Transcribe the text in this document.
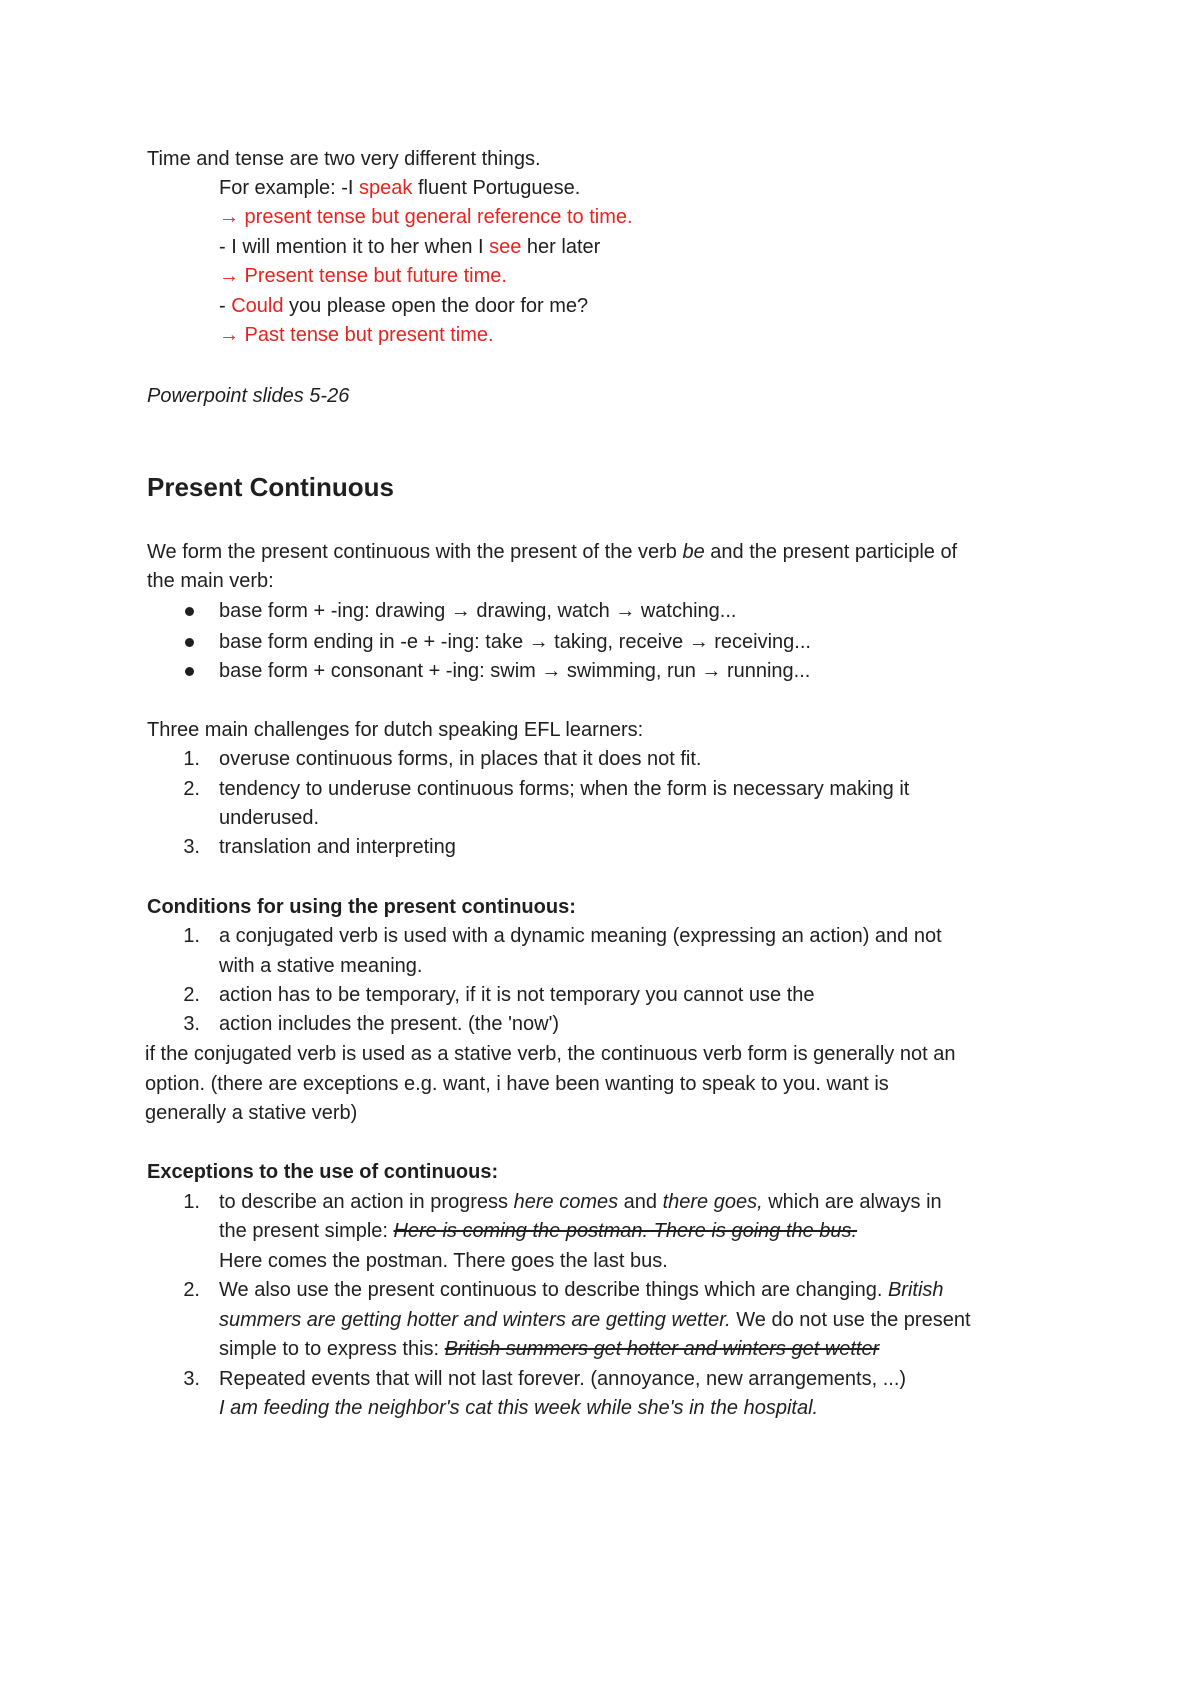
Time and tense are two very different things.
For example: -I speak fluent Portuguese.
→ present tense but general reference to time.
- I will mention it to her when I see her later
→ Present tense but future time.
- Could you please open the door for me?
→ Past tense but present time.
Powerpoint slides 5-26
Present Continuous
We form the present continuous with the present of the verb be and the present participle of
the main verb:
base form + -ing: drawing → drawing, watch → watching...
base form ending in -e + -ing: take → taking, receive → receiving...
base form + consonant + -ing: swim → swimming, run → running...
Three main challenges for dutch speaking EFL learners:
1. overuse continuous forms, in places that it does not fit.
2. tendency to underuse continuous forms; when the form is necessary making it
underused.
3. translation and interpreting
Conditions for using the present continuous:
1. a conjugated verb is used with a dynamic meaning (expressing an action) and not
with a stative meaning.
2. action has to be temporary, if it is not temporary you cannot use the
3. action includes the present. (the 'now')
if the conjugated verb is used as a stative verb, the continuous verb form is generally not an
option. (there are exceptions e.g. want, i have been wanting to speak to you. want is
generally a stative verb)
Exceptions to the use of continuous:
1. to describe an action in progress here comes and there goes, which are always in
the present simple: Here is coming the postman. There is going the bus.
Here comes the postman. There goes the last bus.
2. We also use the present continuous to describe things which are changing. British
summers are getting hotter and winters are getting wetter. We do not use the present
simple to to express this: British summers get hotter and winters get wetter
3. Repeated events that will not last forever. (annoyance, new arrangements, ...)
I am feeding the neighbor's cat this week while she's in the hospital.
